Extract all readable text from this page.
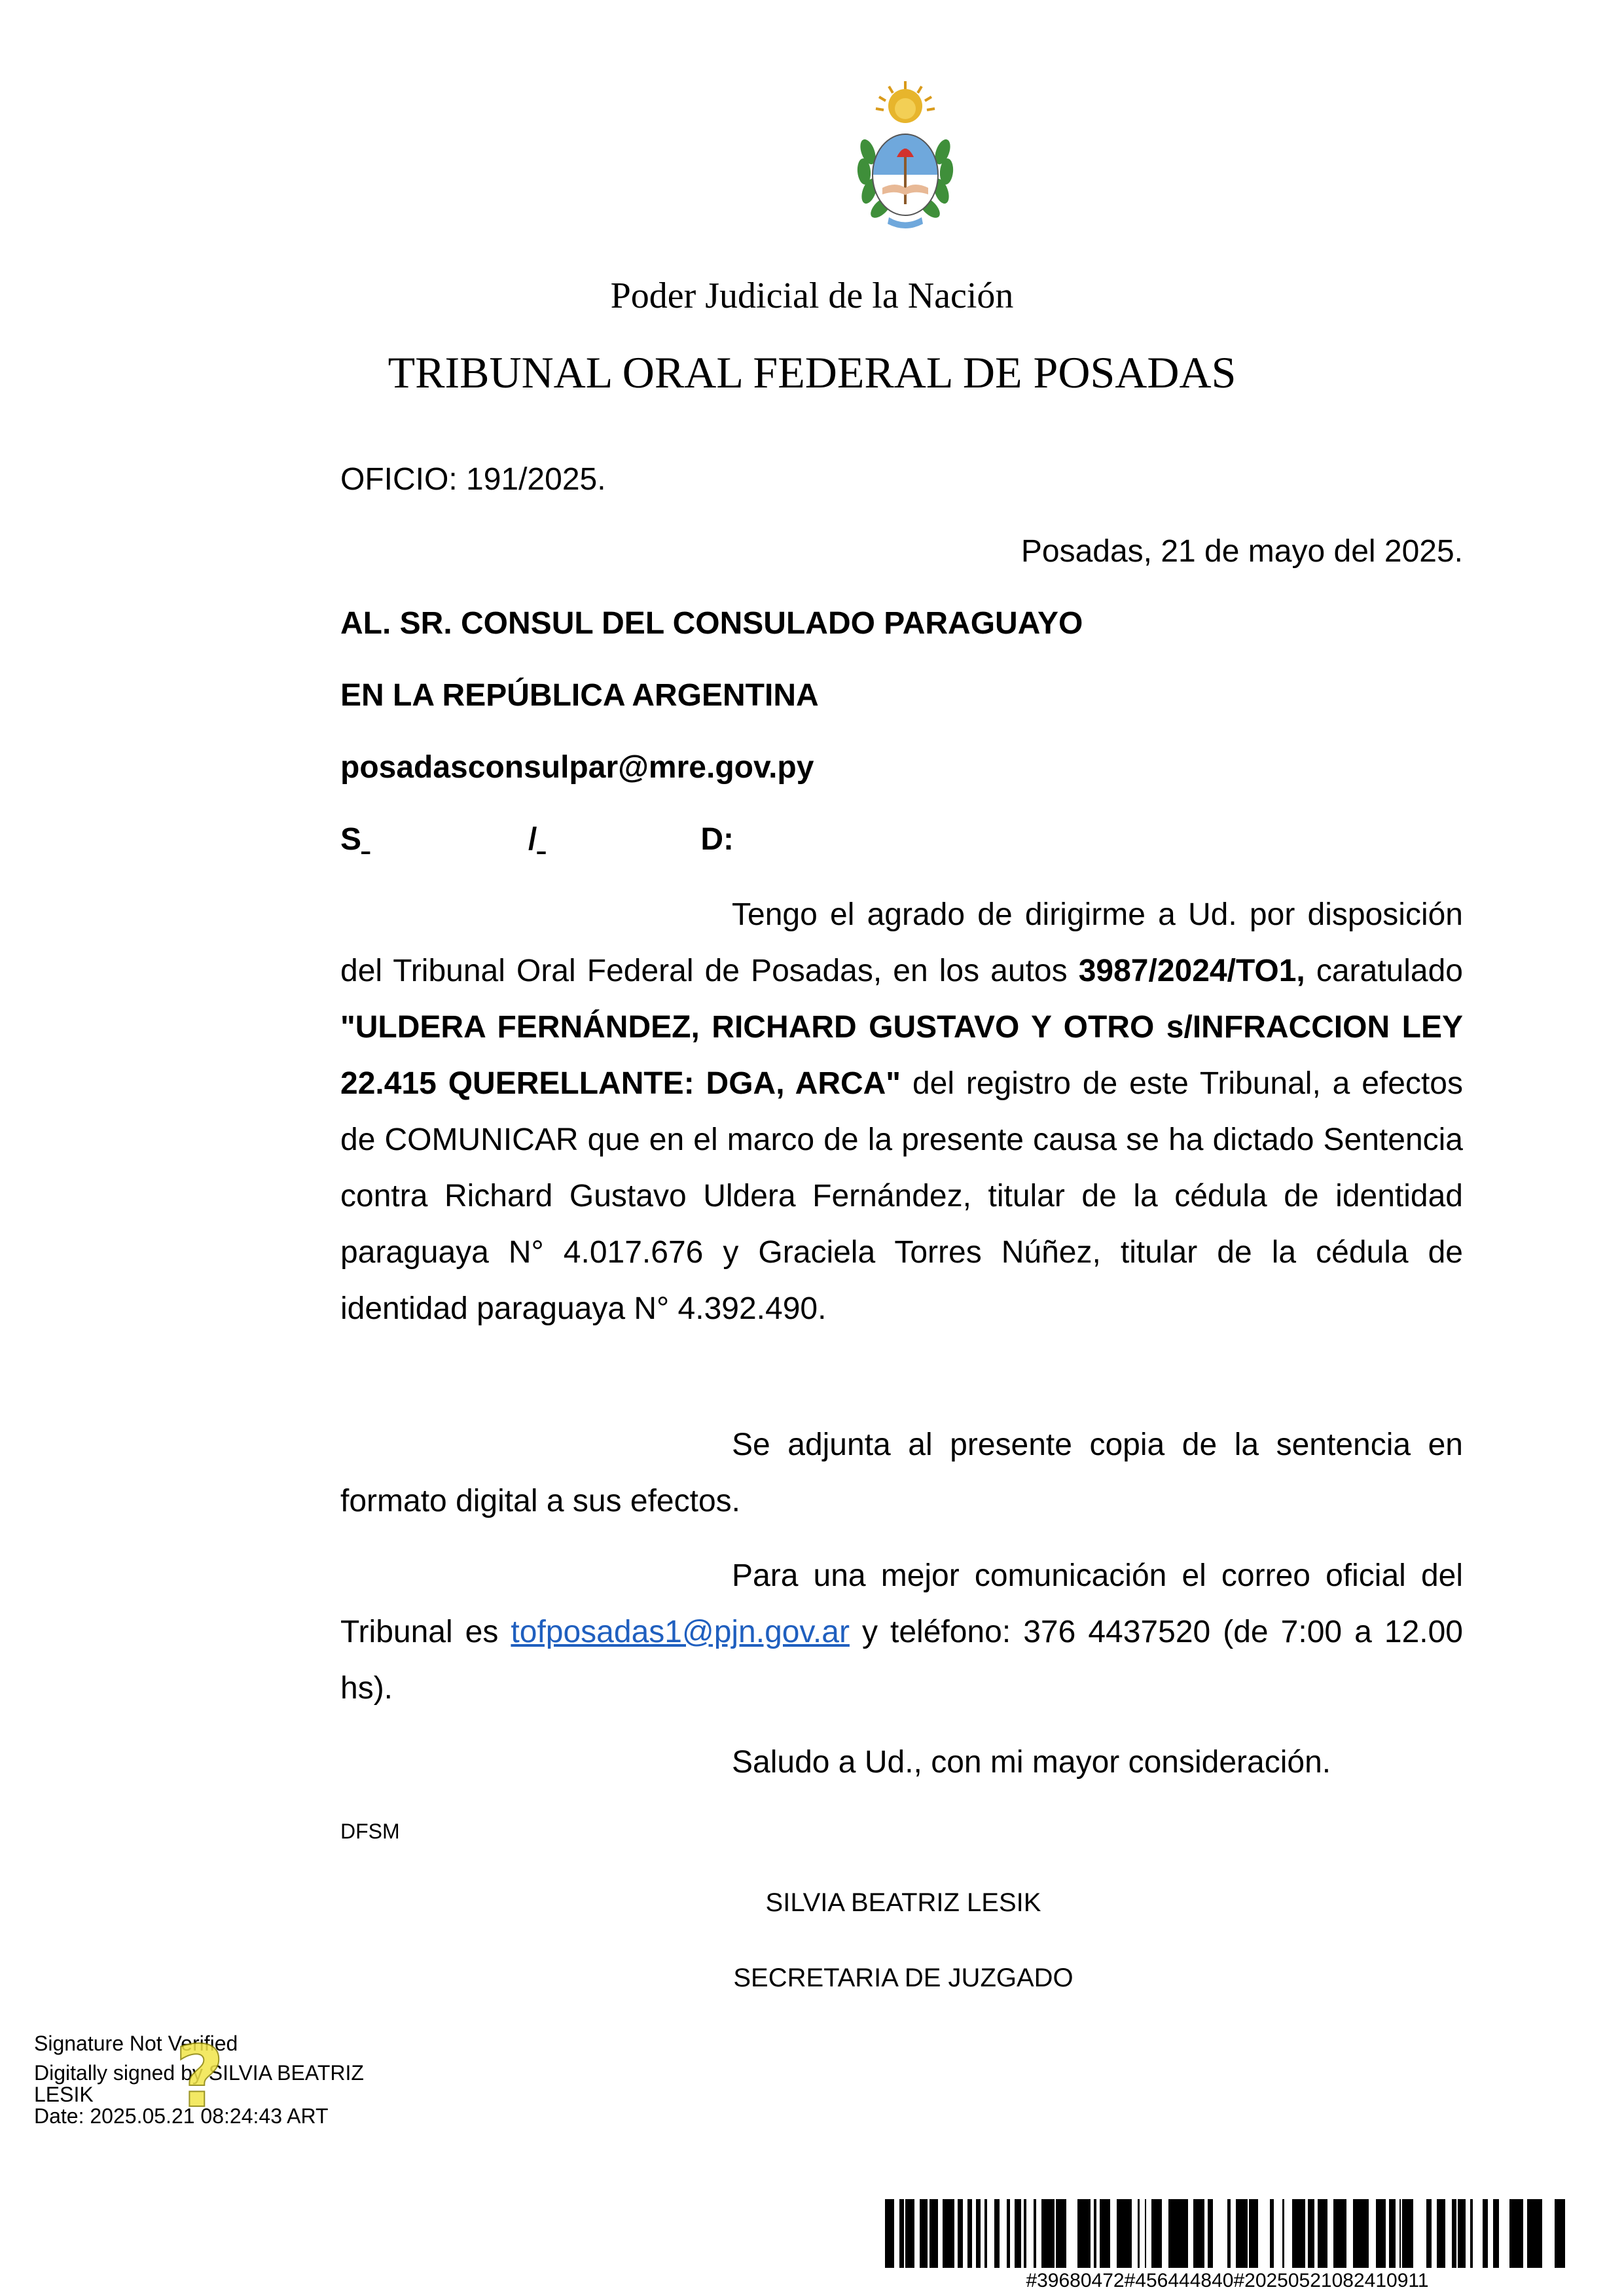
Poder Judicial de la Nación
TRIBUNAL ORAL FEDERAL DE POSADAS
OFICIO: 191/2025.
Posadas, 21 de mayo del 2025.
AL. SR. CONSUL DEL CONSULADO PARAGUAYO
EN LA REPÚBLICA ARGENTINA
posadasconsulpar@mre.gov.py
S	/	D:
Tengo el agrado de dirigirme a Ud. por disposición del Tribunal Oral Federal de Posadas, en los autos 3987/2024/TO1, caratulado "ULDERA FERNÁNDEZ, RICHARD GUSTAVO Y OTRO s/INFRACCION LEY 22.415 QUERELLANTE: DGA, ARCA" del registro de este Tribunal, a efectos de COMUNICAR que en el marco de la presente causa se ha dictado Sentencia contra Richard Gustavo Uldera Fernández, titular de la cédula de identidad paraguaya N° 4.017.676 y Graciela Torres Núñez, titular de la cédula de identidad paraguaya N° 4.392.490.
Se adjunta al presente copia de la sentencia en formato digital a sus efectos.
Para una mejor comunicación el correo oficial del Tribunal es tofposadas1@pjn.gov.ar y teléfono: 376 4437520 (de 7:00 a 12.00 hs).
Saludo a Ud., con mi mayor consideración.
DFSM
SILVIA BEATRIZ LESIK
SECRETARIA DE JUZGADO
Signature Not Verified
Digitally signed by SILVIA BEATRIZ
LESIK
Date: 2025.05.21 08:24:43 ART
?
#39680472#456444840#20250521082410911
